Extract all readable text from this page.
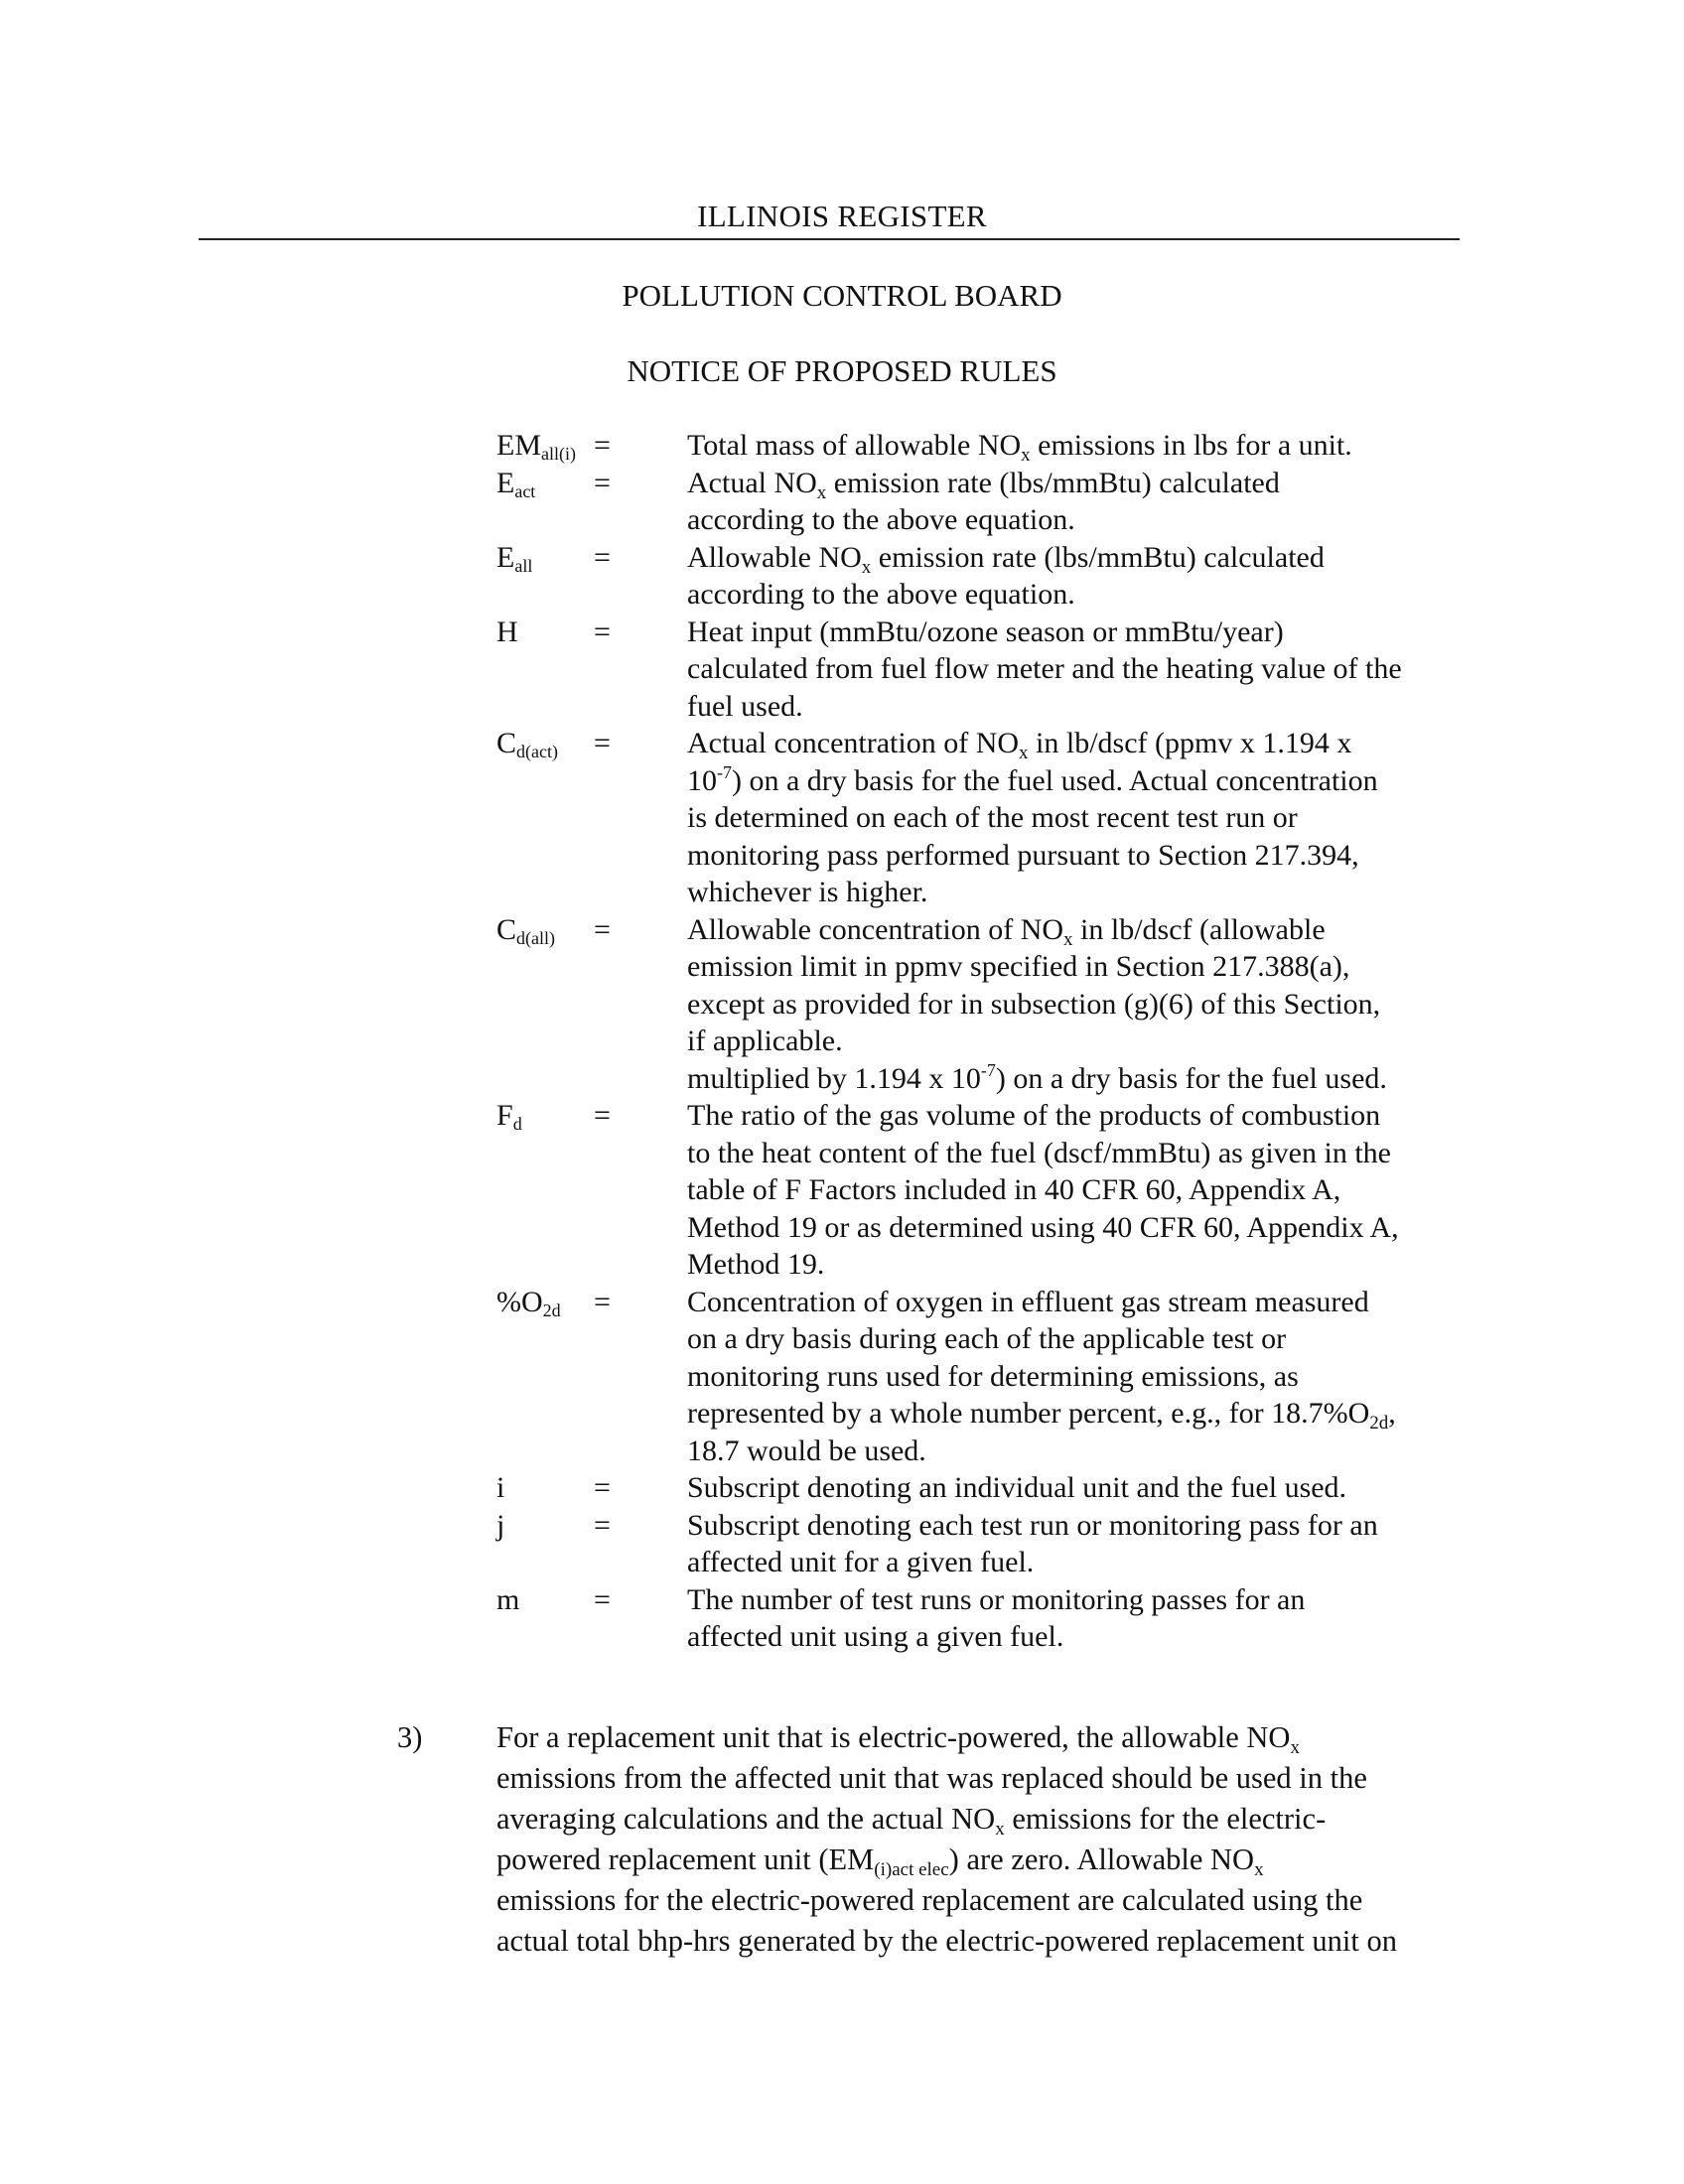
ILLINOIS REGISTER
POLLUTION CONTROL BOARD
NOTICE OF PROPOSED RULES
$EM_{all(i)}$ =	Total mass of allowable $NO_x$ emissions in lbs for a unit.
$E_{act}$ =	Actual $NO_x$ emission rate (lbs/mmBtu) calculated
according to the above equation.
$E_{all}$ =	Allowable $NO_x$ emission rate (lbs/mmBtu) calculated
according to the above equation.
H	=	Heat input (mmBtu/ozone season or mmBtu/year)
calculated from fuel flow meter and the heating value of the
fuel used.
$C_{d(act)}$ =	Actual concentration of $NO_x$ in lb/dscf (ppmv x 1.194 x
$10^{-7}$) on a dry basis for the fuel used. Actual concentration
is determined on each of the most recent test run or
monitoring pass performed pursuant to Section 217.394,
whichever is higher.
$C_{d(all)}$ =	Allowable concentration of $NO_x$ in lb/dscf (allowable
emission limit in ppmv specified in Section 217.388(a),
except as provided for in subsection (g)(6) of this Section,
if applicable.
multiplied by 1.194 x $10^{-7}$) on a dry basis for the fuel used.
$F_d$ =	The ratio of the gas volume of the products of combustion
to the heat content of the fuel (dscf/mmBtu) as given in the
table of F Factors included in 40 CFR 60, Appendix A,
Method 19 or as determined using 40 CFR 60, Appendix A,
Method 19.
$\%O_{2d}$ =	Concentration of oxygen in effluent gas stream measured
on a dry basis during each of the applicable test or
monitoring runs used for determining emissions, as
represented by a whole number percent, e.g., for $18.7\%O_{2d}$,
18.7 would be used.
i	=	Subscript denoting an individual unit and the fuel used.
j	=	Subscript denoting each test run or monitoring pass for an
affected unit for a given fuel.
m =	The number of test runs or monitoring passes for an
affected unit using a given fuel.
3) For a replacement unit that is electric-powered, the allowable $NO_x$
emissions from the affected unit that was replaced should be used in the
averaging calculations and the actual $NO_x$ emissions for the electric-
powered replacement unit $(EM_{(i)act elec})$ are zero. Allowable $NO_x$
emissions for the electric-powered replacement are calculated using the
actual total bhp-hrs generated by the electric-powered replacement unit on
